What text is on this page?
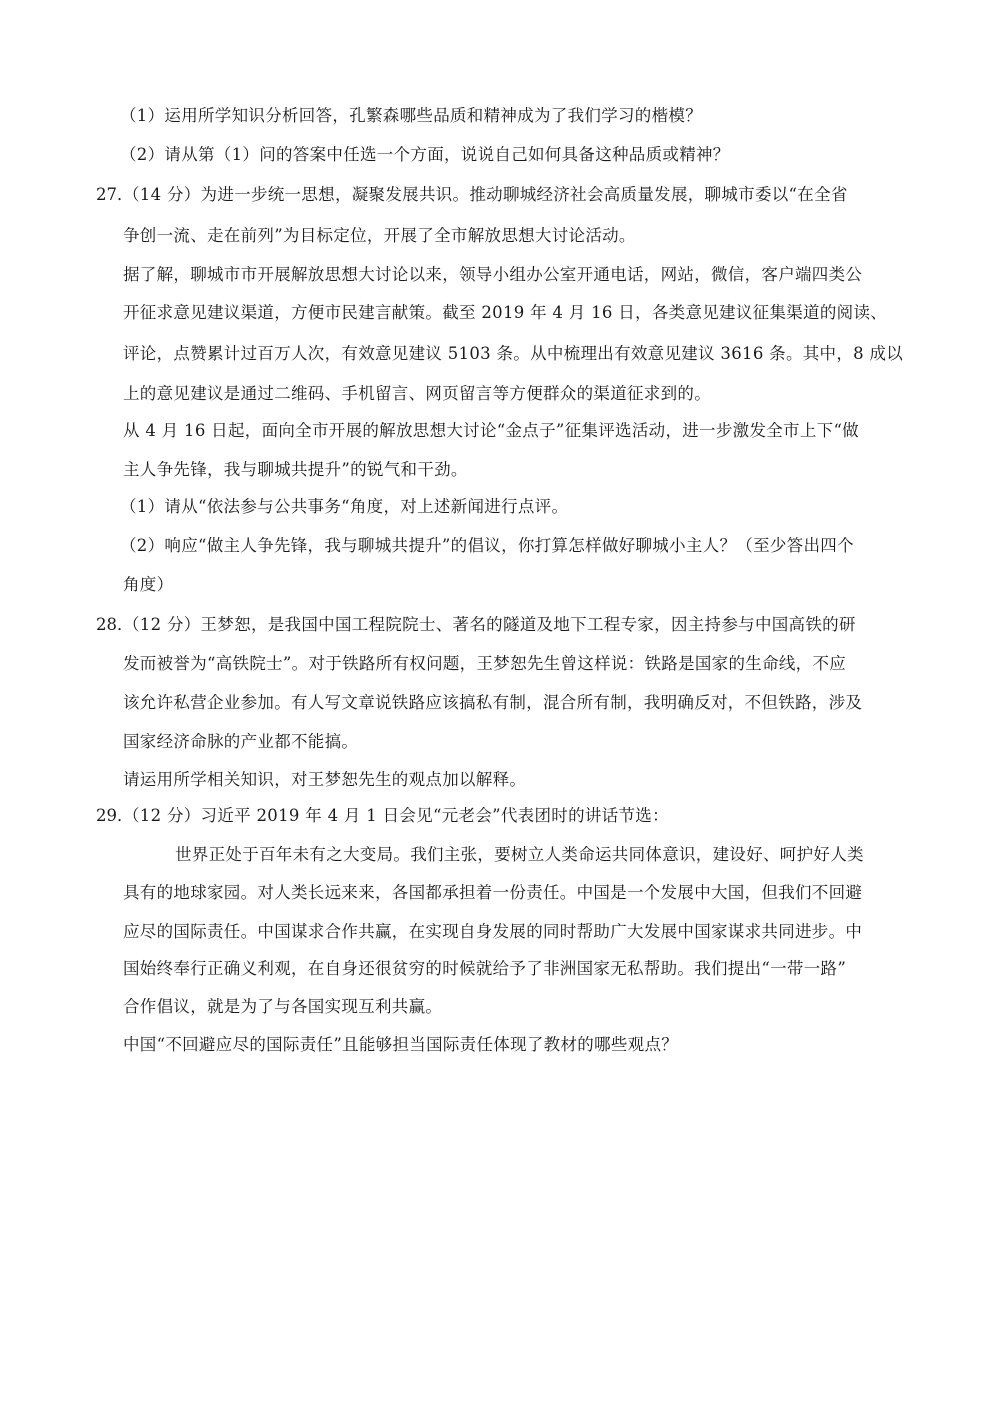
（1）运用所学知识分析回答，孔繁森哪些品质和精神成为了我们学习的楷模？
（2）请从第（1）问的答案中任选一个方面，说说自己如何具备这种品质或精神？
27．
（14 分）为进一步统一思想，凝聚发展共识。推动聊城经济社会高质量发展，聊城市委以“在全省
争创一流、走在前列”为目标定位，开展了全市解放思想大讨论活动。
据了解，聊城市市开展解放思想大讨论以来，领导小组办公室开通电话，网站，微信，客户端四类公
开征求意见建议渠道，方便市民建言献策。截至 2019 年 4 月 16 日，各类意见建议征集渠道的阅读、
评论，点赞累计过百万人次，有效意见建议 5103 条。从中梳理出有效意见建议 3616 条。其中，8 成以
上的意见建议是通过二维码、手机留言、网页留言等方便群众的渠道征求到的。
从 4 月 16 日起，面向全市开展的解放思想大讨论“金点子”征集评选活动，进一步激发全市上下“做
主人争先锋，我与聊城共提升”的锐气和干劲。
（1）请从“依法参与公共事务“角度，对上述新闻进行点评。
（2）响应“做主人争先锋，我与聊城共提升”的倡议，你打算怎样做好聊城小主人？（至少答出四个
角度）
28．
（12 分）王梦恕，是我国中国工程院院士、著名的隧道及地下工程专家，因主持参与中国高铁的研
发而被誉为“高铁院士”。对于铁路所有权问题，王梦恕先生曾这样说：铁路是国家的生命线，不应
该允许私营企业参加。有人写文章说铁路应该搞私有制，混合所有制，我明确反对，不但铁路，涉及
国家经济命脉的产业都不能搞。
请运用所学相关知识，对王梦恕先生的观点加以解释。
29．
（12 分）习近平 2019 年 4 月 1 日会见“元老会”代表团时的讲话节选：
世界正处于百年未有之大变局。我们主张，要树立人类命运共同体意识，建设好、呵护好人类
具有的地球家园。对人类长远来来，各国都承担着一份责任。中国是一个发展中大国，但我们不回避
应尽的国际责任。中国谋求合作共赢，在实现自身发展的同时帮助广大发展中国家谋求共同进步。中
国始终奉行正确义利观，在自身还很贫穷的时候就给予了非洲国家无私帮助。我们提出“一带一路”
合作倡议，就是为了与各国实现互利共赢。
中国“不回避应尽的国际责任”且能够担当国际责任体现了教材的哪些观点？
